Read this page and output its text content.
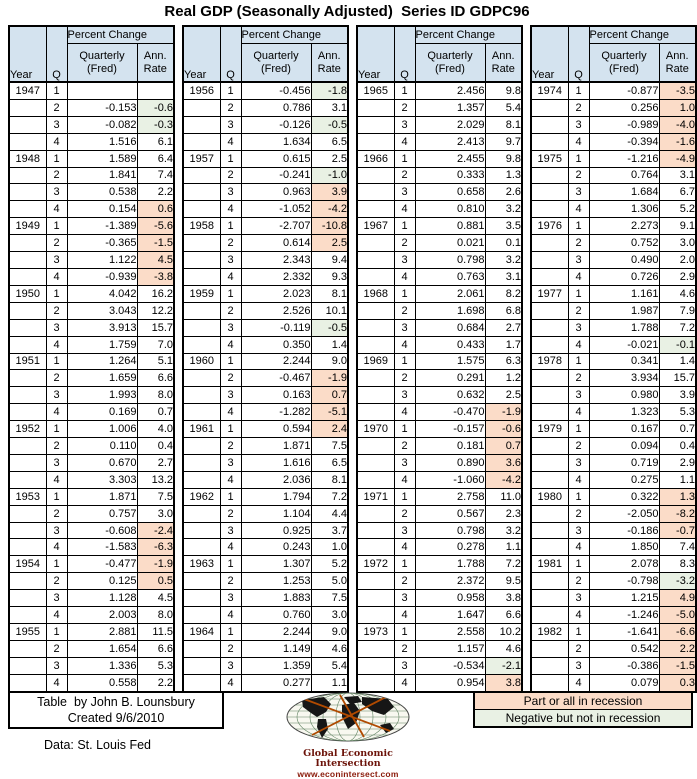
Real GDP (Seasonally Adjusted)  Series ID GDPC96
Year	Q	Percent Change	
		Quarterly
(Fred)	Ann.
Rate
1947	1		
	2	-0.153	-0.6
	3	-0.082	-0.3
	4	1.516	6.1
1948	1	1.589	6.4
	2	1.841	7.4
	3	0.538	2.2
	4	0.154	0.6
1949	1	-1.389	-5.6
	2	-0.365	-1.5
	3	1.122	4.5
	4	-0.939	-3.8
1950	1	4.042	16.2
	2	3.043	12.2
	3	3.913	15.7
	4	1.759	7.0
1951	1	1.264	5.1
	2	1.659	6.6
	3	1.993	8.0
	4	0.169	0.7
1952	1	1.006	4.0
	2	0.110	0.4
	3	0.670	2.7
	4	3.303	13.2
1953	1	1.871	7.5
	2	0.757	3.0
	3	-0.608	-2.4
	4	-1.583	-6.3
1954	1	-0.477	-1.9
	2	0.125	0.5
	3	1.128	4.5
	4	2.003	8.0
1955	1	2.881	11.5
	2	1.654	6.6
	3	1.336	5.3
	4	0.558	2.2
Year	Q	Percent Change	
		Quarterly
(Fred)	Ann.
Rate
1956	1	-0.456	-1.8
	2	0.786	3.1
	3	-0.126	-0.5
	4	1.634	6.5
1957	1	0.615	2.5
	2	-0.241	-1.0
	3	0.963	3.9
	4	-1.052	-4.2
1958	1	-2.707	-10.8
	2	0.614	2.5
	3	2.343	9.4
	4	2.332	9.3
1959	1	2.023	8.1
	2	2.526	10.1
	3	-0.119	-0.5
	4	0.350	1.4
1960	1	2.244	9.0
	2	-0.467	-1.9
	3	0.163	0.7
	4	-1.282	-5.1
1961	1	0.594	2.4
	2	1.871	7.5
	3	1.616	6.5
	4	2.036	8.1
1962	1	1.794	7.2
	2	1.104	4.4
	3	0.925	3.7
	4	0.243	1.0
1963	1	1.307	5.2
	2	1.253	5.0
	3	1.883	7.5
	4	0.760	3.0
1964	1	2.244	9.0
	2	1.149	4.6
	3	1.359	5.4
	4	0.277	1.1
Year	Q	Percent Change	
		Quarterly
(Fred)	Ann.
Rate
1965	1	2.456	9.8
	2	1.357	5.4
	3	2.029	8.1
	4	2.413	9.7
1966	1	2.455	9.8
	2	0.333	1.3
	3	0.658	2.6
	4	0.810	3.2
1967	1	0.881	3.5
	2	0.021	0.1
	3	0.798	3.2
	4	0.763	3.1
1968	1	2.061	8.2
	2	1.698	6.8
	3	0.684	2.7
	4	0.433	1.7
1969	1	1.575	6.3
	2	0.291	1.2
	3	0.632	2.5
	4	-0.470	-1.9
1970	1	-0.157	-0.6
	2	0.181	0.7
	3	0.890	3.6
	4	-1.060	-4.2
1971	1	2.758	11.0
	2	0.567	2.3
	3	0.798	3.2
	4	0.278	1.1
1972	1	1.788	7.2
	2	2.372	9.5
	3	0.958	3.8
	4	1.647	6.6
1973	1	2.558	10.2
	2	1.157	4.6
	3	-0.534	-2.1
	4	0.954	3.8
Year	Q	Percent Change	
		Quarterly
(Fred)	Ann.
Rate
1974	1	-0.877	-3.5
	2	0.256	1.0
	3	-0.989	-4.0
	4	-0.394	-1.6
1975	1	-1.216	-4.9
	2	0.764	3.1
	3	1.684	6.7
	4	1.306	5.2
1976	1	2.273	9.1
	2	0.752	3.0
	3	0.490	2.0
	4	0.726	2.9
1977	1	1.161	4.6
	2	1.987	7.9
	3	1.788	7.2
	4	-0.021	-0.1
1978	1	0.341	1.4
	2	3.934	15.7
	3	0.980	3.9
	4	1.323	5.3
1979	1	0.167	0.7
	2	0.094	0.4
	3	0.719	2.9
	4	0.275	1.1
1980	1	0.322	1.3
	2	-2.050	-8.2
	3	-0.186	-0.7
	4	1.850	7.4
1981	1	2.078	8.3
	2	-0.798	-3.2
	3	1.215	4.9
	4	-1.246	-5.0
1982	1	-1.641	-6.6
	2	0.542	2.2
	3	-0.386	-1.5
	4	0.079	0.3
Table  by John B. Lounsbury
Created 9/6/2010
Global Economic Intersection
www.econintersect.com
Part or all in recession
Negative but not in recession
Data: St. Louis Fed
